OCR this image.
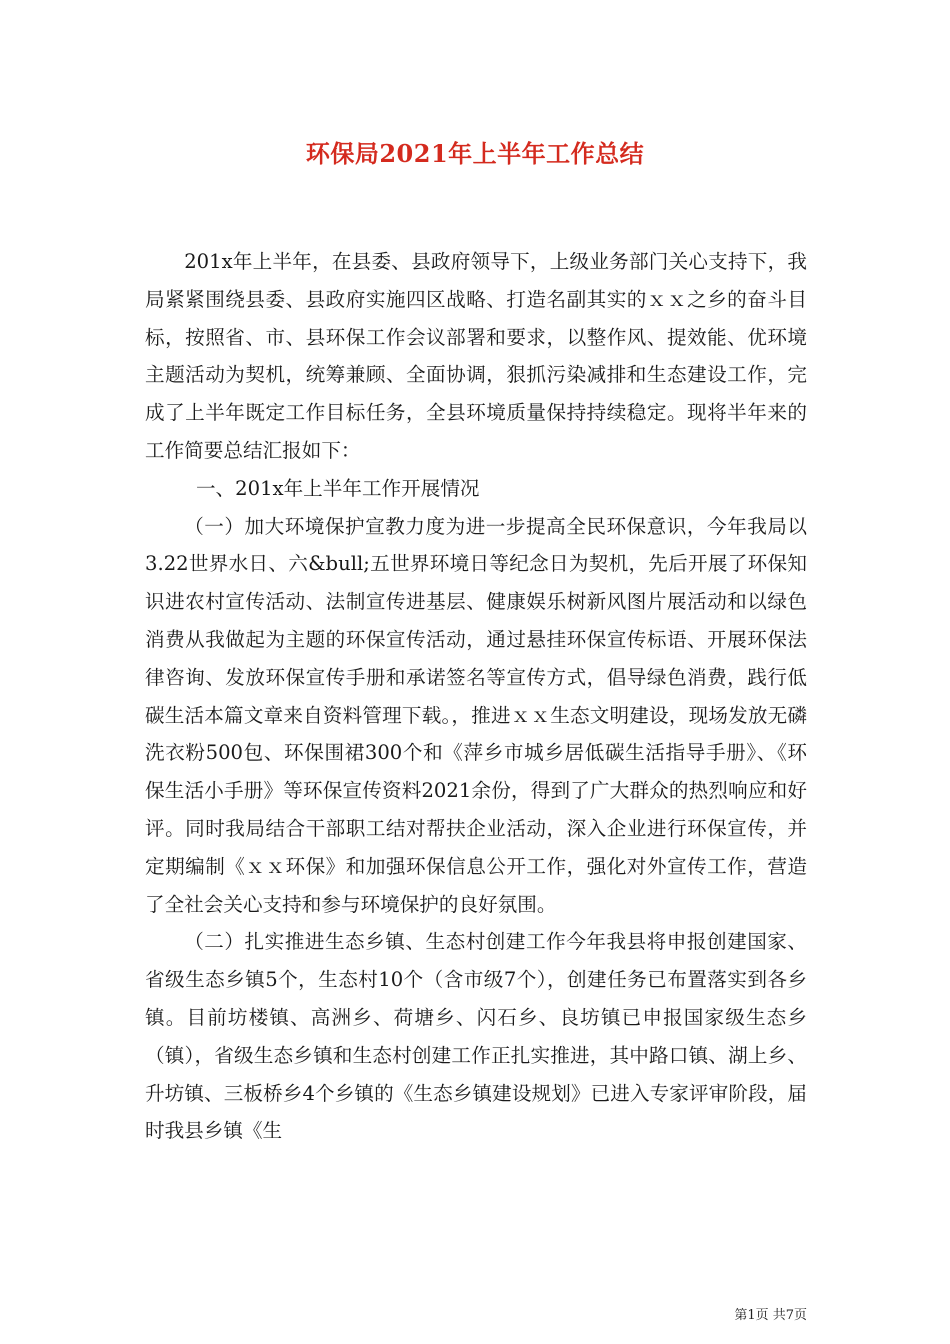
环保局2021年上半年工作总结

201x年上半年，在县委、县政府领导下，上级业务部门关心支持下，我局紧紧围绕县委、县政府实施四区战略、打造名副其实的ｘｘ之乡的奋斗目标，按照省、市、县环保工作会议部署和要求，以整作风、提效能、优环境主题活动为契机，统筹兼顾、全面协调，狠抓污染减排和生态建设工作，完成了上半年既定工作目标任务，全县环境质量保持持续稳定。现将半年来的工作简要总结汇报如下：

一、201x年上半年工作开展情况

（一）加大环境保护宣教力度为进一步提高全民环保意识，今年我局以3.22世界水日、六&bull;五世界环境日等纪念日为契机，先后开展了环保知识进农村宣传活动、法制宣传进基层、健康娱乐树新风图片展活动和以绿色消费从我做起为主题的环保宣传活动，通过悬挂环保宣传标语、开展环保法律咨询、发放环保宣传手册和承诺签名等宣传方式，倡导绿色消费，践行低碳生活本篇文章来自资料管理下载。，推进ｘｘ生态文明建设，现场发放无磷洗衣粉500包、环保围裙300个和《萍乡市城乡居低碳生活指导手册》、《环保生活小手册》等环保宣传资料2021余份，得到了广大群众的热烈响应和好评。同时我局结合干部职工结对帮扶企业活动，深入企业进行环保宣传，并定期编制《ｘｘ环保》和加强环保信息公开工作，强化对外宣传工作，营造了全社会关心支持和参与环境保护的良好氛围。

（二）扎实推进生态乡镇、生态村创建工作今年我县将申报创建国家、省级生态乡镇5个，生态村10个（含市级7个），创建任务已布置落实到各乡镇。目前坊楼镇、高洲乡、荷塘乡、闪石乡、良坊镇已申报国家级生态乡（镇），省级生态乡镇和生态村创建工作正扎实推进，其中路口镇、湖上乡、升坊镇、三板桥乡4个乡镇的《生态乡镇建设规划》已进入专家评审阶段，届时我县乡镇《生

第1页 共7页
